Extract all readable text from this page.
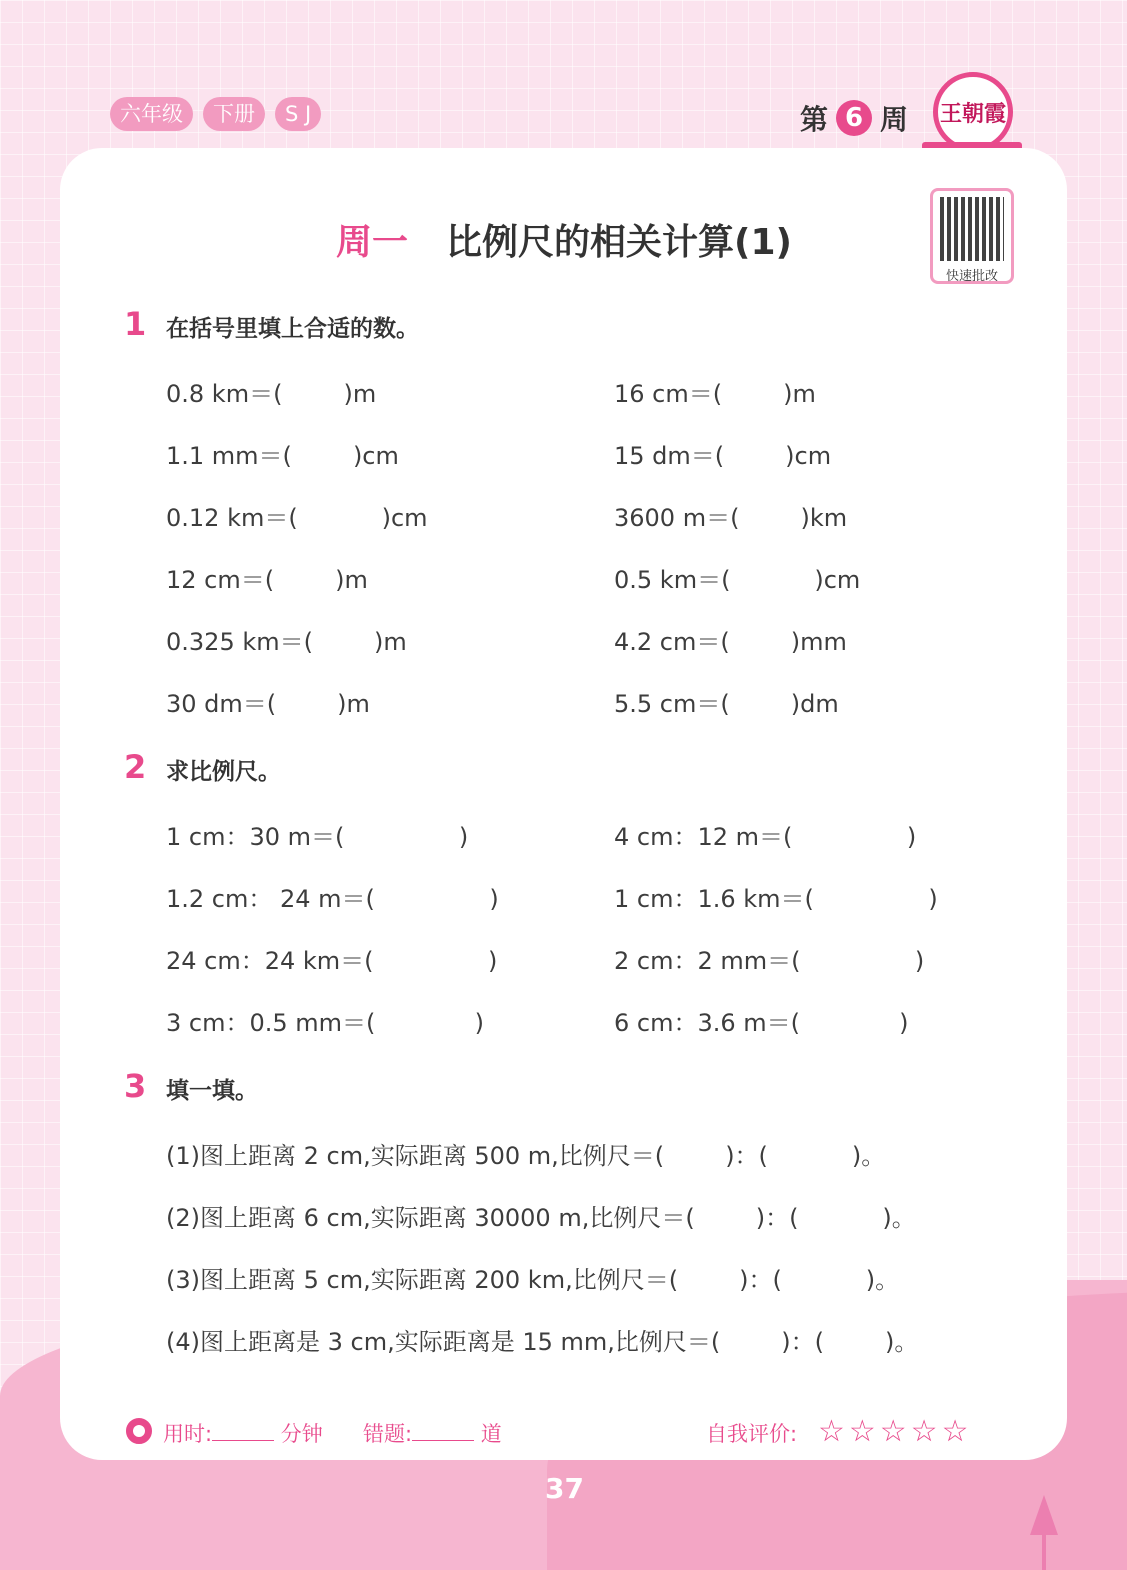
六年级	下册	S J	第 6 周	王朝霞
周一 比例尺的相关计算(1)
快速批改
1 在括号里填上合适的数。
0.8 km＝(        )m	16 cm＝(        )m
1.1 mm＝(        )cm	15 dm＝(        )cm
0.12 km＝(           )cm	3600 m＝(        )km
12 cm＝(        )m	0.5 km＝(           )cm
0.325 km＝(        )m	4.2 cm＝(        )mm
30 dm＝(        )m	5.5 cm＝(        )dm
2 求比例尺。
1 cm：30 m＝(               )	4 cm：12 m＝(               )
1.2 cm： 24 m＝(               )	1 cm：1.6 km＝(               )
24 cm：24 km＝(               )	2 cm：2 mm＝(               )
3 cm：0.5 mm＝(             )	6 cm：3.6 m＝(             )
3 填一填。
(1)图上距离 2 cm,实际距离 500 m,比例尺＝(        )：(           )。
(2)图上距离 6 cm,实际距离 30000 m,比例尺＝(        )：(           )。
(3)图上距离 5 cm,实际距离 200 km,比例尺＝(        )：(           )。
(4)图上距离是 3 cm,实际距离是 15 mm,比例尺＝(        )：(        )。
用时:	分钟 错题:	道	自我评价: ☆☆☆☆☆
37
